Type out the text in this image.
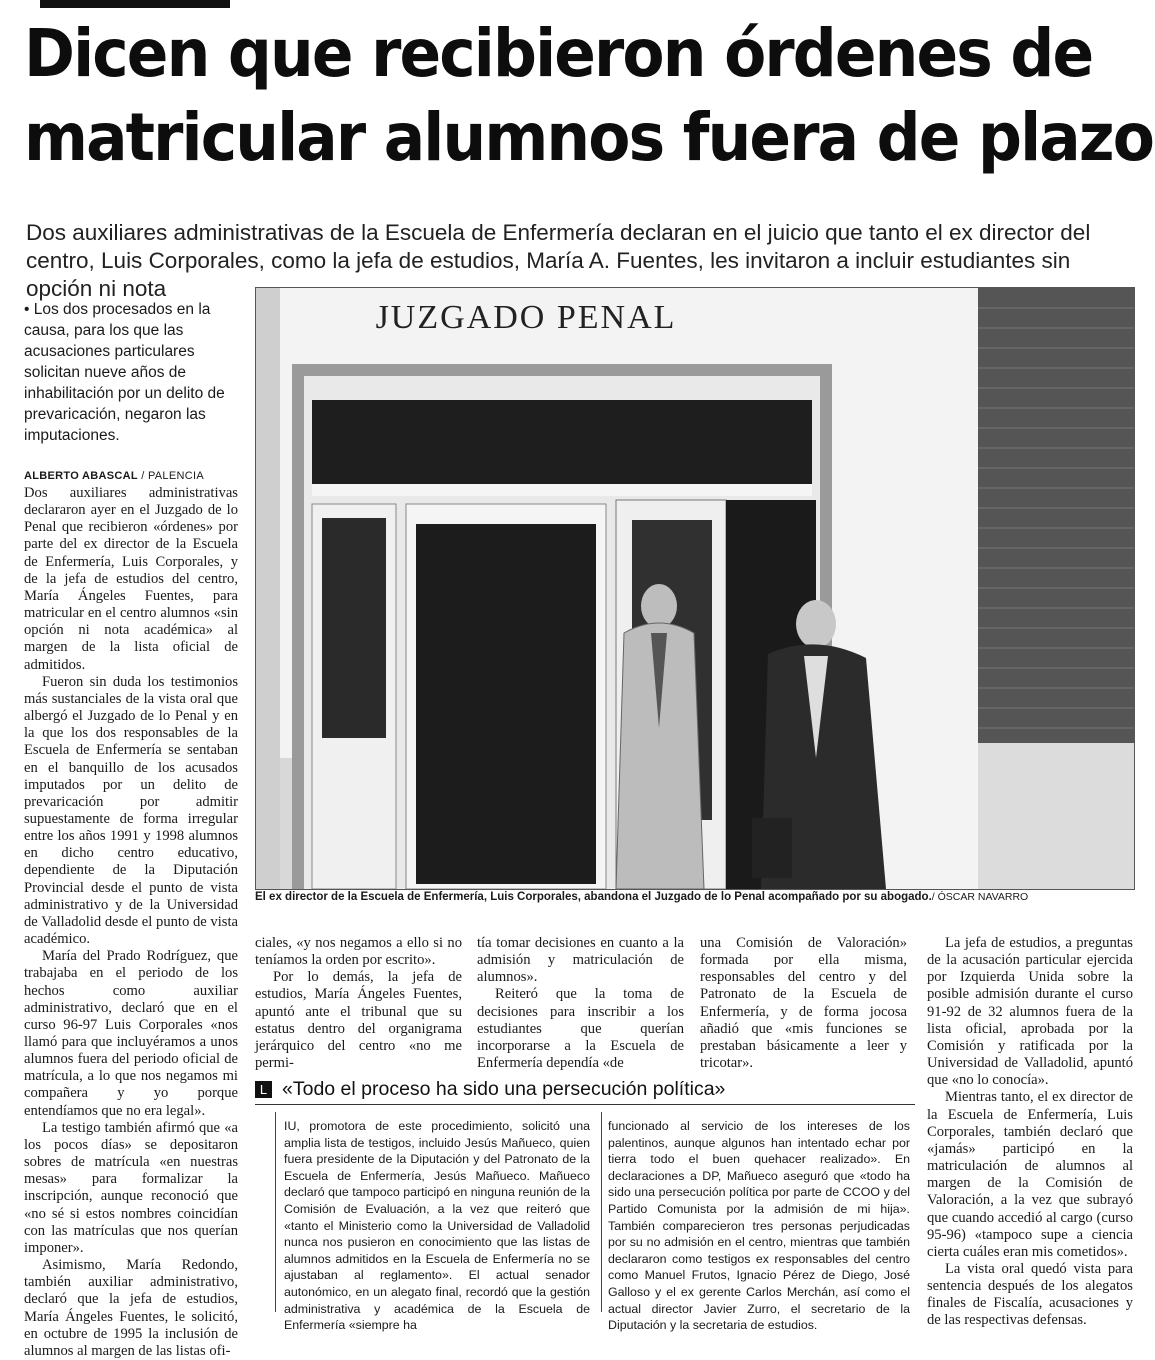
Dicen que recibieron órdenes de
matricular alumnos fuera de plazo
Dos auxiliares administrativas de la Escuela de Enfermería declaran en el juicio que tanto el ex director del centro, Luis Corporales, como la jefa de estudios, María A. Fuentes, les invitaron a incluir estudiantes sin opción ni nota
• Los dos procesados en la causa, para los que las acusaciones particulares solicitan nueve años de inhabilitación por un delito de prevaricación, negaron las imputaciones.
ALBERTO ABASCAL / PALENCIA

Dos auxiliares administrativas declararon ayer en el Juzgado de lo Penal que recibieron «órdenes» por parte del ex director de la Escuela de Enfermería, Luis Corporales, y de la jefa de estudios del centro, María Ángeles Fuentes, para matricular en el centro alumnos «sin opción ni nota académica» al margen de la lista oficial de admitidos.

Fueron sin duda los testimonios más sustanciales de la vista oral que albergó el Juzgado de lo Penal y en la que los dos responsables de la Escuela de Enfermería se sentaban en el banquillo de los acusados imputados por un delito de prevaricación por admitir supuestamente de forma irregular entre los años 1991 y 1998 alumnos en dicho centro educativo, dependiente de la Diputación Provincial desde el punto de vista administrativo y de la Universidad de Valladolid desde el punto de vista académico.

María del Prado Rodríguez, que trabajaba en el periodo de los hechos como auxiliar administrativo, declaró que en el curso 96-97 Luis Corporales «nos llamó para que incluyéramos a unos alumnos fuera del periodo oficial de matrícula, a lo que nos negamos mi compañera y yo porque entendíamos que no era legal».

La testigo también afirmó que «a los pocos días» se depositaron sobres de matrícula «en nuestras mesas» para formalizar la inscripción, aunque reconoció que «no sé si estos nombres coincidían con las matrículas que nos querían imponer».

Asimismo, María Redondo, también auxiliar administrativo, declaró que la jefa de estudios, María Ángeles Fuentes, le solicitó, en octubre de 1995 la inclusión de alumnos al margen de las listas ofi-

JUZGADO PENAL
El ex director de la Escuela de Enfermería, Luis Corporales, abandona el Juzgado de lo Penal acompañado por su abogado./ ÓSCAR NAVARRO

ciales, «y nos negamos a ello si no teníamos la orden por escrito».

Por lo demás, la jefa de estudios, María Ángeles Fuentes, apuntó ante el tribunal que su estatus dentro del organigrama jerárquico del centro «no me permi-

tía tomar decisiones en cuanto a la admisión y matriculación de alumnos».

Reiteró que la toma de decisiones para inscribir a los estudiantes que querían incorporarse a la Escuela de Enfermería dependía «de

una Comisión de Valoración» formada por ella misma, responsables del centro y del Patronato de la Escuela de Enfermería, y de forma jocosa añadió que «mis funciones se prestaban básicamente a leer y tricotar».

La jefa de estudios, a preguntas de la acusación particular ejercida por Izquierda Unida sobre la posible admisión durante el curso 91-92 de 32 alumnos fuera de la lista oficial, aprobada por la Comisión y ratificada por la Universidad de Valladolid, apuntó que «no lo conocía».

Mientras tanto, el ex director de la Escuela de Enfermería, Luis Corporales, también declaró que «jamás» participó en la matriculación de alumnos al margen de la Comisión de Valoración, a la vez que subrayó que cuando accedió al cargo (curso 95-96) «tampoco supe a ciencia cierta cuáles eran mis cometidos».

La vista oral quedó vista para sentencia después de los alegatos finales de Fiscalía, acusaciones y de las respectivas defensas.

L «Todo el proceso ha sido una persecución política»

IU, promotora de este procedimiento, solicitó una amplia lista de testigos, incluido Jesús Mañueco, quien fuera presidente de la Diputación y del Patronato de la Escuela de Enfermería, Jesús Mañueco. Mañueco declaró que tampoco participó en ninguna reunión de la Comisión de Evaluación, a la vez que reiteró que «tanto el Ministerio como la Universidad de Valladolid nunca nos pusieron en conocimiento que las listas de alumnos admitidos en la Escuela de Enfermería no se ajustaban al reglamento». El actual senador autonómico, en un alegato final, recordó que la gestión administrativa y académica de la Escuela de Enfermería «siempre ha

funcionado al servicio de los intereses de los palentinos, aunque algunos han intentado echar por tierra todo el buen quehacer realizado». En declaraciones a DP, Mañueco aseguró que «todo ha sido una persecución política por parte de CCOO y del Partido Comunista por la admisión de mi hija». También comparecieron tres personas perjudicadas por su no admisión en el centro, mientras que también declararon como testigos ex responsables del centro como Manuel Frutos, Ignacio Pérez de Diego, José Galloso y el ex gerente Carlos Merchán, así como el actual director Javier Zurro, el secretario de la Diputación y la secretaria de estudios.
